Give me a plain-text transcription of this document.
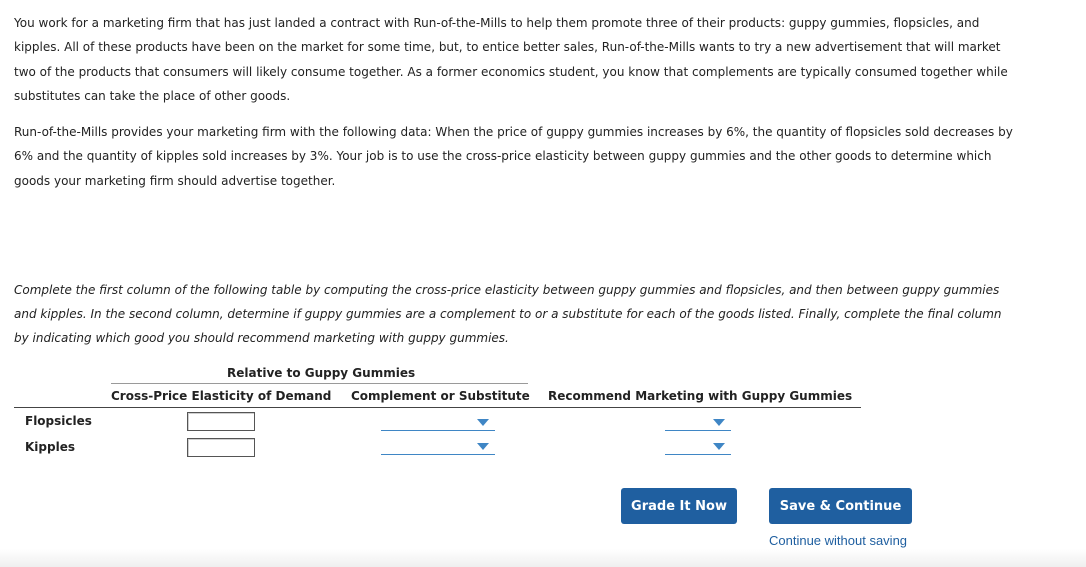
You work for a marketing firm that has just landed a contract with Run-of-the-Mills to help them promote three of their products: guppy gummies, flopsicles, and kipples. All of these products have been on the market for some time, but, to entice better sales, Run-of-the-Mills wants to try a new advertisement that will market two of the products that consumers will likely consume together. As a former economics student, you know that complements are typically consumed together while substitutes can take the place of other goods.

Run-of-the-Mills provides your marketing firm with the following data: When the price of guppy gummies increases by 6%, the quantity of flopsicles sold decreases by 6% and the quantity of kipples sold increases by 3%. Your job is to use the cross-price elasticity between guppy gummies and the other goods to determine which goods your marketing firm should advertise together.

Complete the first column of the following table by computing the cross-price elasticity between guppy gummies and flopsicles, and then between guppy gummies and kipples. In the second column, determine if guppy gummies are a complement to or a substitute for each of the goods listed. Finally, complete the final column by indicating which good you should recommend marketing with guppy gummies.

Relative to Guppy Gummies
Cross-Price Elasticity of Demand Complement or Substitute Recommend Marketing with Guppy Gummies
Flopsicles
Kipples
Grade It Now	Save & Continue
Continue without saving
